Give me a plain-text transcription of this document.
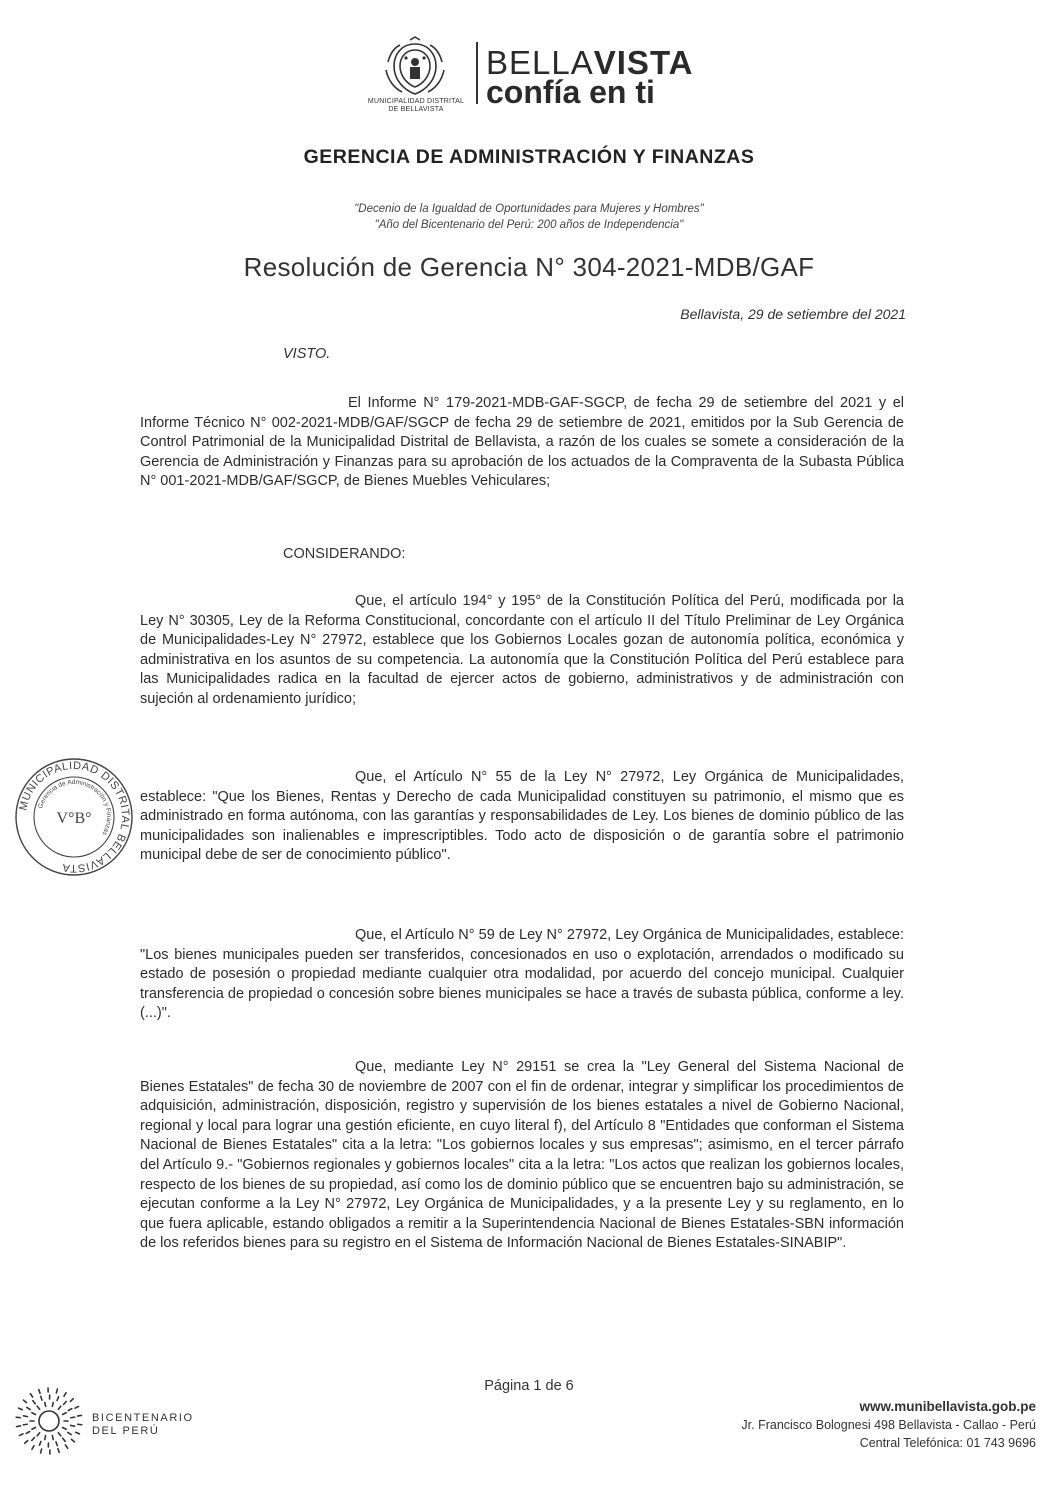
MUNICIPALIDAD DISTRITAL
DE BELLAVISTA
BELLAVISTA
confía en ti
GERENCIA DE ADMINISTRACIÓN Y FINANZAS
"Decenio de la Igualdad de Oportunidades para Mujeres y Hombres"
"Año del Bicentenario del Perú: 200 años de Independencia"
Resolución de Gerencia N° 304-2021-MDB/GAF
Bellavista, 29 de setiembre del 2021
VISTO.
CONSIDERANDO:

El Informe N° 179-2021-MDB-GAF-SGCP, de fecha 29 de setiembre del 2021 y el Informe Técnico N° 002-2021-MDB/GAF/SGCP de fecha 29 de setiembre de 2021, emitidos por la Sub Gerencia de Control Patrimonial de la Municipalidad Distrital de Bellavista, a razón de los cuales se somete a consideración de la Gerencia de Administración y Finanzas para su aprobación de los actuados de la Compraventa de la Subasta Pública N° 001-2021-MDB/GAF/SGCP, de Bienes Muebles Vehiculares;

Que, el artículo 194° y 195° de la Constitución Política del Perú, modificada por la Ley N° 30305, Ley de la Reforma Constitucional, concordante con el artículo II del Título Preliminar de Ley Orgánica de Municipalidades-Ley N° 27972, establece que los Gobiernos Locales gozan de autonomía política, económica y administrativa en los asuntos de su competencia. La autonomía que la Constitución Política del Perú establece para las Municipalidades radica en la facultad de ejercer actos de gobierno, administrativos y de administración con sujeción al ordenamiento jurídico;

Que, el Artículo N° 55 de la Ley N° 27972, Ley Orgánica de Municipalidades, establece: "Que los Bienes, Rentas y Derecho de cada Municipalidad constituyen su patrimonio, el mismo que es administrado en forma autónoma, con las garantías y responsabilidades de Ley. Los bienes de dominio público de las municipalidades son inalienables e imprescriptibles. Todo acto de disposición o de garantía sobre el patrimonio municipal debe de ser de conocimiento público".

Que, el Artículo N° 59 de Ley N° 27972, Ley Orgánica de Municipalidades, establece: "Los bienes municipales pueden ser transferidos, concesionados en uso o explotación, arrendados o modificado su estado de posesión o propiedad mediante cualquier otra modalidad, por acuerdo del concejo municipal. Cualquier transferencia de propiedad o concesión sobre bienes municipales se hace a través de subasta pública, conforme a ley. (...)".

Que, mediante Ley N° 29151 se crea la "Ley General del Sistema Nacional de Bienes Estatales" de fecha 30 de noviembre de 2007 con el fin de ordenar, integrar y simplificar los procedimientos de adquisición, administración, disposición, registro y supervisión de los bienes estatales a nivel de Gobierno Nacional, regional y local para lograr una gestión eficiente, en cuyo literal f), del Artículo 8 "Entidades que conforman el Sistema Nacional de Bienes Estatales" cita a la letra: "Los gobiernos locales y sus empresas"; asimismo, en el tercer párrafo del Artículo 9.- "Gobiernos regionales y gobiernos locales" cita a la letra: "Los actos que realizan los gobiernos locales, respecto de los bienes de su propiedad, así como los de dominio público que se encuentren bajo su administración, se ejecutan conforme a la Ley N° 27972, Ley Orgánica de Municipalidades, y a la presente Ley y su reglamento, en lo que fuera aplicable, estando obligados a remitir a la Superintendencia Nacional de Bienes Estatales-SBN información de los referidos bienes para su registro en el Sistema de Información Nacional de Bienes Estatales-SINABIP".

MUNICIPALIDAD DISTRITAL BELLAVISTA
Gerencia de Administración y Finanzas
V°B°
Página 1 de 6
BICENTENARIO
DEL PERÚ
www.munibellavista.gob.pe
Jr. Francisco Bolognesi 498 Bellavista - Callao - Perú
Central Telefónica: 01 743 9696
